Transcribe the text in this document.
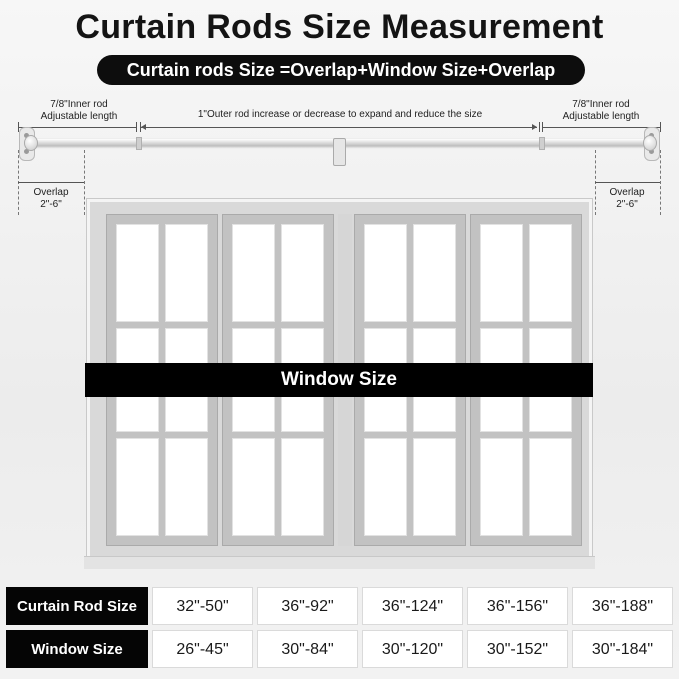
Curtain Rods Size Measurement
Curtain rods Size =Overlap+Window Size+Overlap
7/8"Inner rod
Adjustable length	1"Outer rod increase or decrease to expand and reduce the size
7/8"Inner rod
Adjustable length
Overlap
2"-6"
Overlap
2"-6"
Window Size
Curtain Rod Size	32"-50"	36"-92"	36"-124"	36"-156"	36"-188"
Window Size	26"-45"	30"-84"	30"-120"	30"-152"	30"-184"
